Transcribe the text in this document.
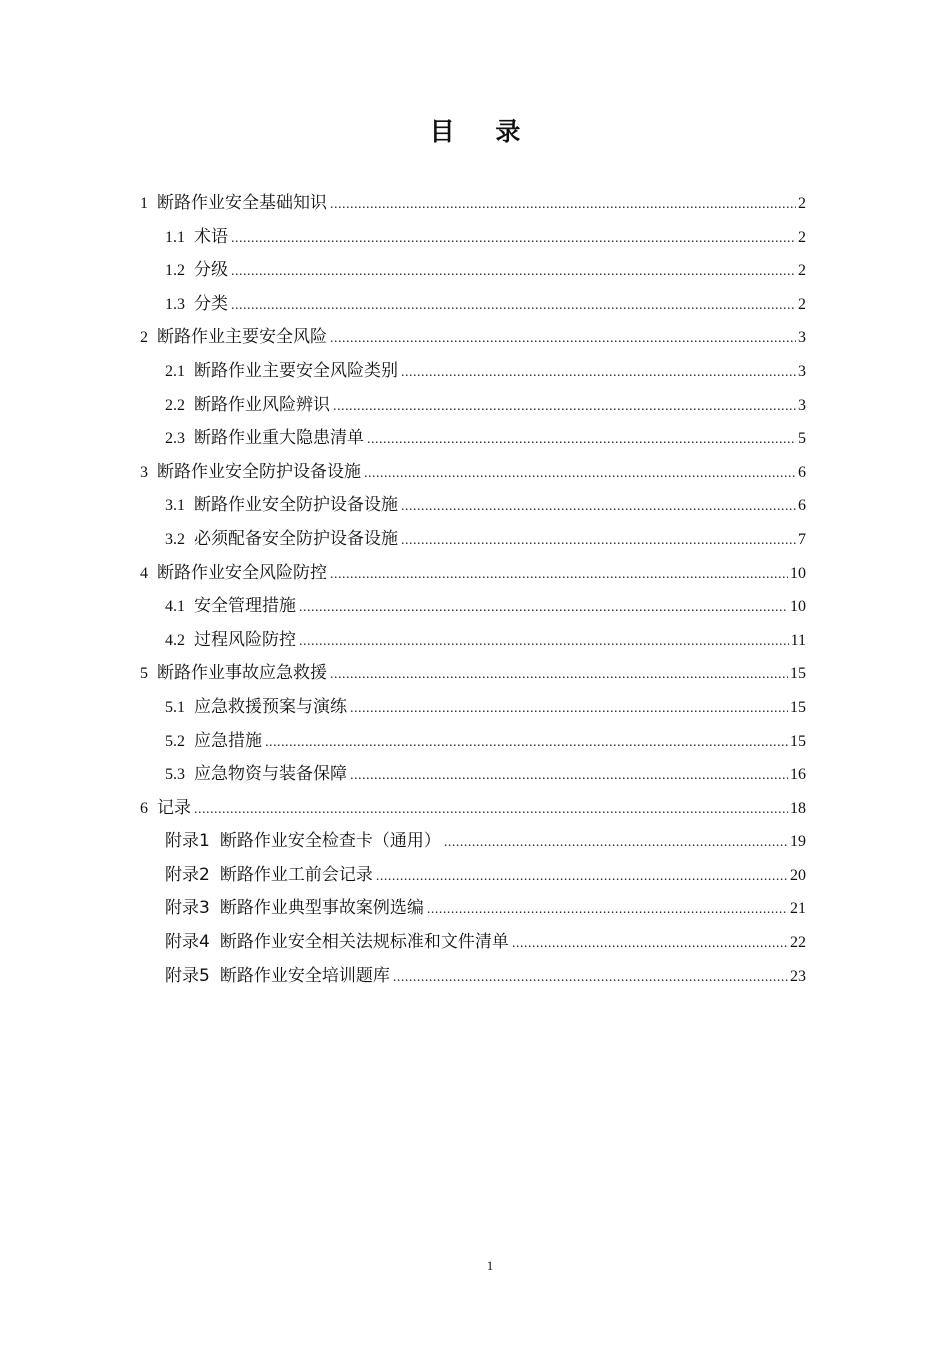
目 录
1 断路作业安全基础知识 .....	2
1.1 术语 .....	2
1.2 分级 .....	2
1.3 分类 .....	2
2 断路作业主要安全风险 .....	3
2.1 断路作业主要安全风险类别 .....	3
2.2 断路作业风险辨识 .....	3
2.3 断路作业重大隐患清单 .....	5
3 断路作业安全防护设备设施 .....	6
3.1 断路作业安全防护设备设施 .....	6
3.2 必须配备安全防护设备设施 .....	7
4 断路作业安全风险防控 .....	10
4.1 安全管理措施 .....	10
4.2 过程风险防控 .....	11
5 断路作业事故应急救援 .....	15
5.1 应急救援预案与演练 .....	15
5.2 应急措施 .....	15
5.3 应急物资与装备保障 .....	16
6 记录 .....	18
附录1 断路作业安全检查卡（通用） .....	19
附录2 断路作业工前会记录 .....	20
附录3 断路作业典型事故案例选编 .....	21
附录4 断路作业安全相关法规标准和文件清单 .....	22
附录5 断路作业安全培训题库 .....	23
1
